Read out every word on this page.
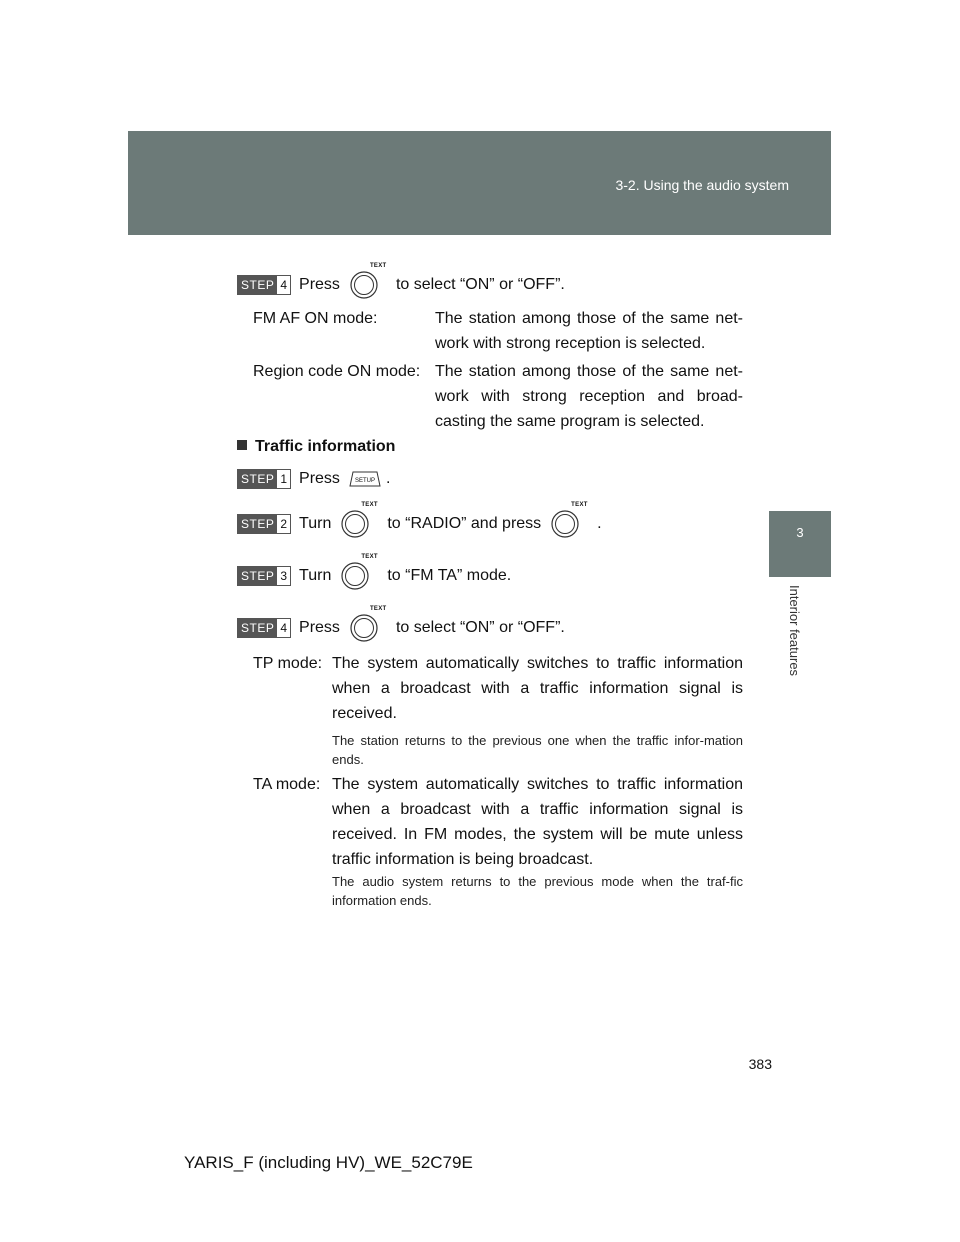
3-2. Using the audio system
3
Interior features
STEP 4 Press
TEXT
to select “ON” or “OFF”.
FM AF ON mode:	The station among those of the same net-work with strong reception is selected.
Region code ON mode: The station among those of the same net-work with strong reception and broad-casting the same program is selected.
Traffic information
STEP 1 Press SETUP .
STEP 2 Turn
TEXT
to “RADIO” and press
TEXT
.
STEP 3 Turn
TEXT
to “FM TA” mode.
STEP 4 Press
TEXT
to select “ON” or “OFF”.
TP mode: The system automatically switches to traffic information when a broadcast with a traffic information signal is received.
The station returns to the previous one when the traffic infor-mation ends.
TA mode: The system automatically switches to traffic information when a broadcast with a traffic information signal is received. In FM modes, the system will be mute unless traffic information is being broadcast.
The audio system returns to the previous mode when the traf-fic information ends.
383
YARIS_F (including HV)_WE_52C79E
